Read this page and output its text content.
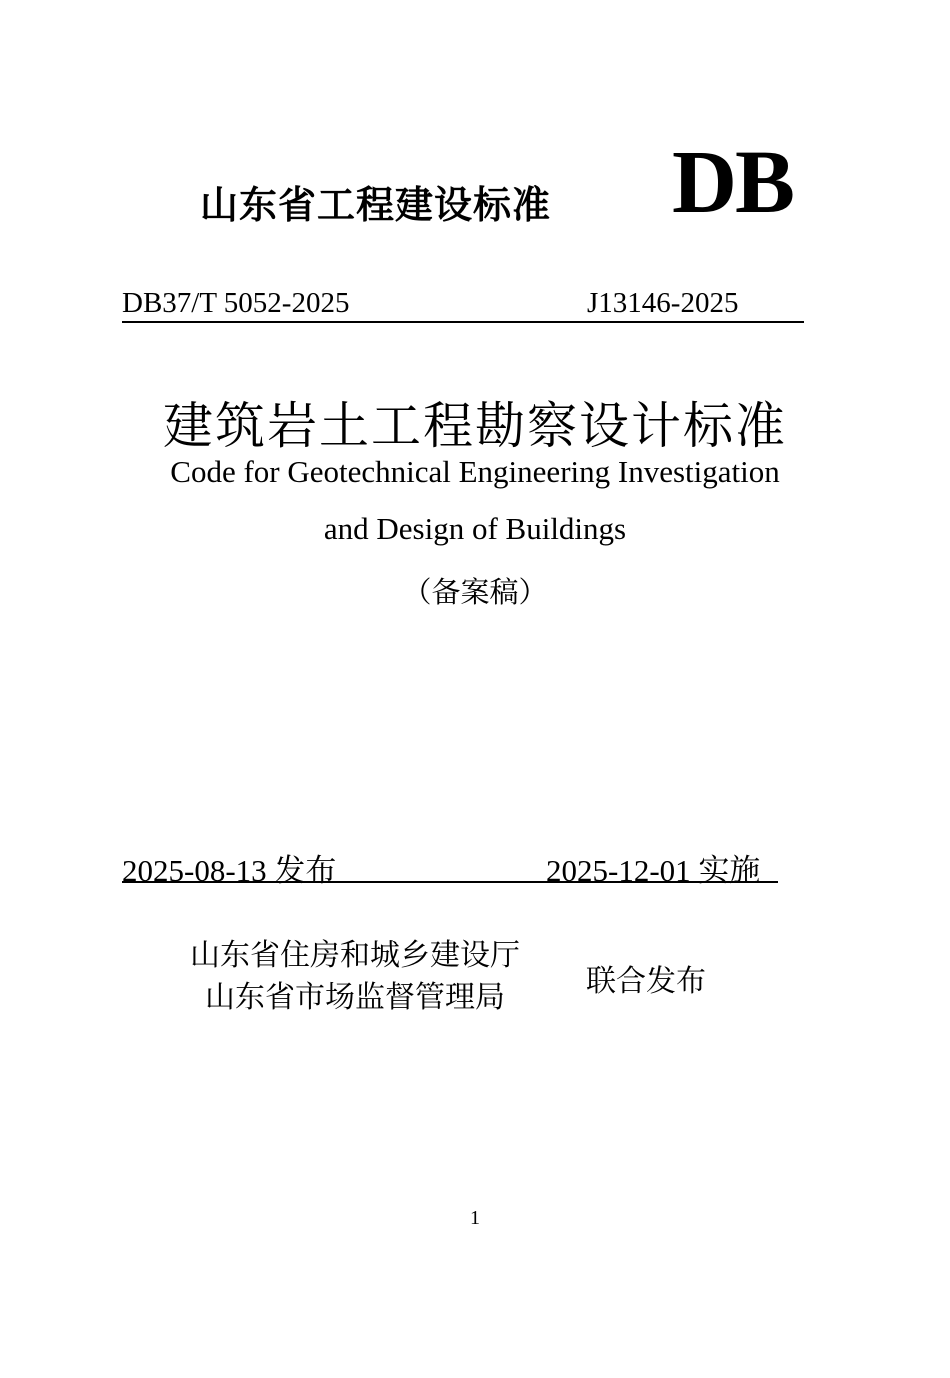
山东省工程建设标准 DB
DB37/T 5052-2025	J13146-2025
建筑岩土工程勘察设计标准
Code for Geotechnical Engineering Investigation
and Design of Buildings
（备案稿）
2025-08-13 发布	2025-12-01 实施
山东省住房和城乡建设厅
山东省市场监督管理局	联合发布
1
